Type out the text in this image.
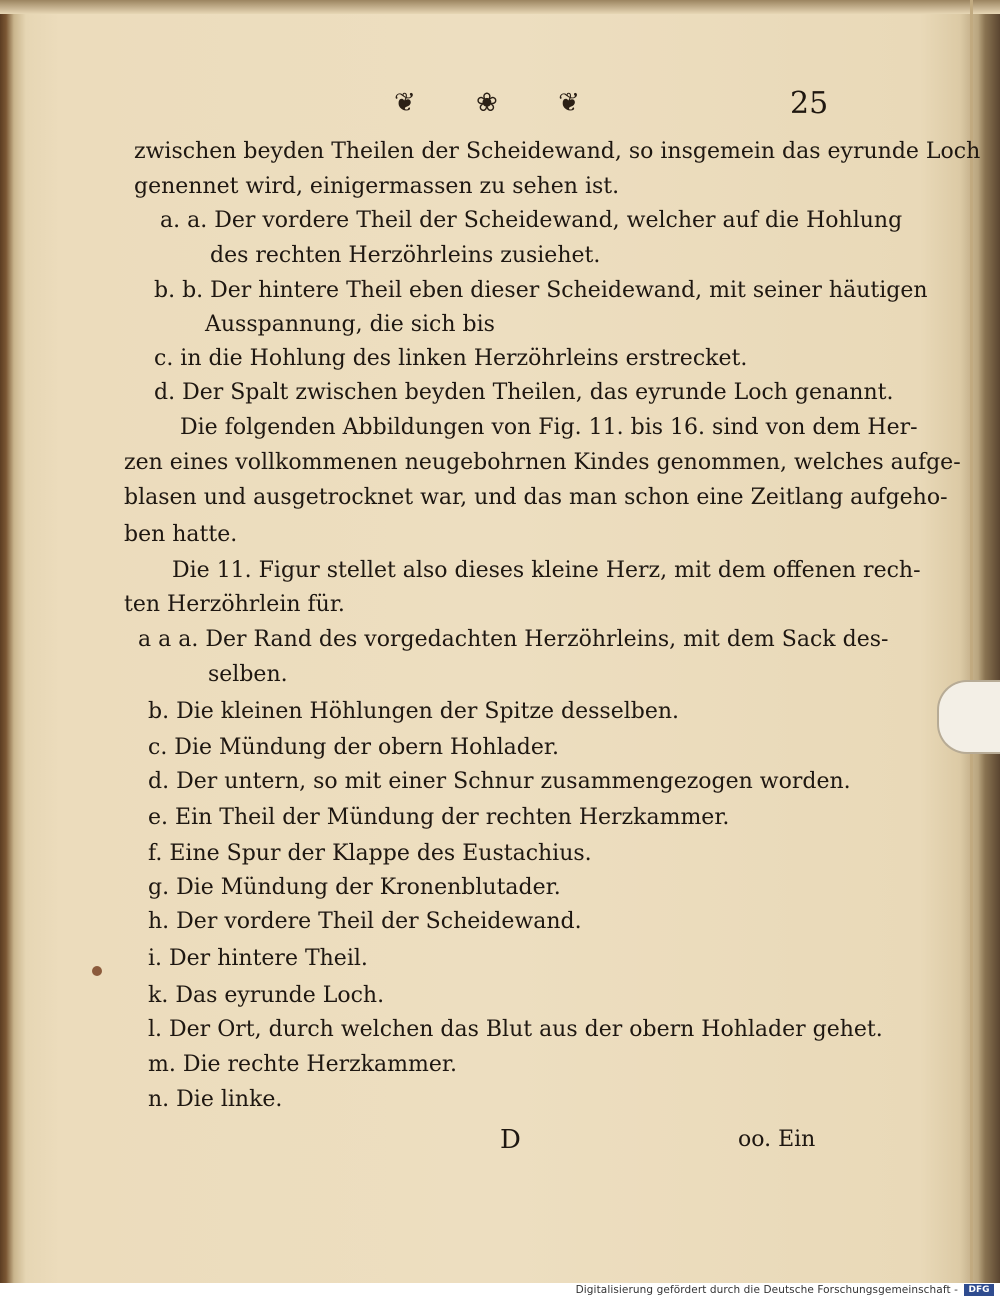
❦ ❀ ❦	25
zwischen beyden Theilen der Scheidewand, so insgemein das eyrunde Loch
genennet wird, einigermassen zu sehen ist.
a. a. Der vordere Theil der Scheidewand, welcher auf die Hohlung
des rechten Herzöhrleins zusiehet.
b. b. Der hintere Theil eben dieser Scheidewand, mit seiner häutigen
Ausspannung, die sich bis
c. in die Hohlung des linken Herzöhrleins erstrecket.
d. Der Spalt zwischen beyden Theilen, das eyrunde Loch genannt.
Die folgenden Abbildungen von Fig. 11. bis 16. sind von dem Her-
zen eines vollkommenen neugebohrnen Kindes genommen, welches aufge-
blasen und ausgetrocknet war, und das man schon eine Zeitlang aufgeho-
ben hatte.
Die 11. Figur stellet also dieses kleine Herz, mit dem offenen rech-
ten Herzöhrlein für.
a a a. Der Rand des vorgedachten Herzöhrleins, mit dem Sack des-
selben.
b. Die kleinen Höhlungen der Spitze desselben.
c. Die Mündung der obern Hohlader.
d. Der untern, so mit einer Schnur zusammengezogen worden.
e. Ein Theil der Mündung der rechten Herzkammer.
f. Eine Spur der Klappe des Eustachius.
g. Die Mündung der Kronenblutader.
h. Der vordere Theil der Scheidewand.
i. Der hintere Theil.
k. Das eyrunde Loch.
l. Der Ort, durch welchen das Blut aus der obern Hohlader gehet.
m. Die rechte Herzkammer.
n. Die linke.
D	oo. Ein
Digitalisierung gefördert durch die Deutsche Forschungsgemeinschaft -	DFG
